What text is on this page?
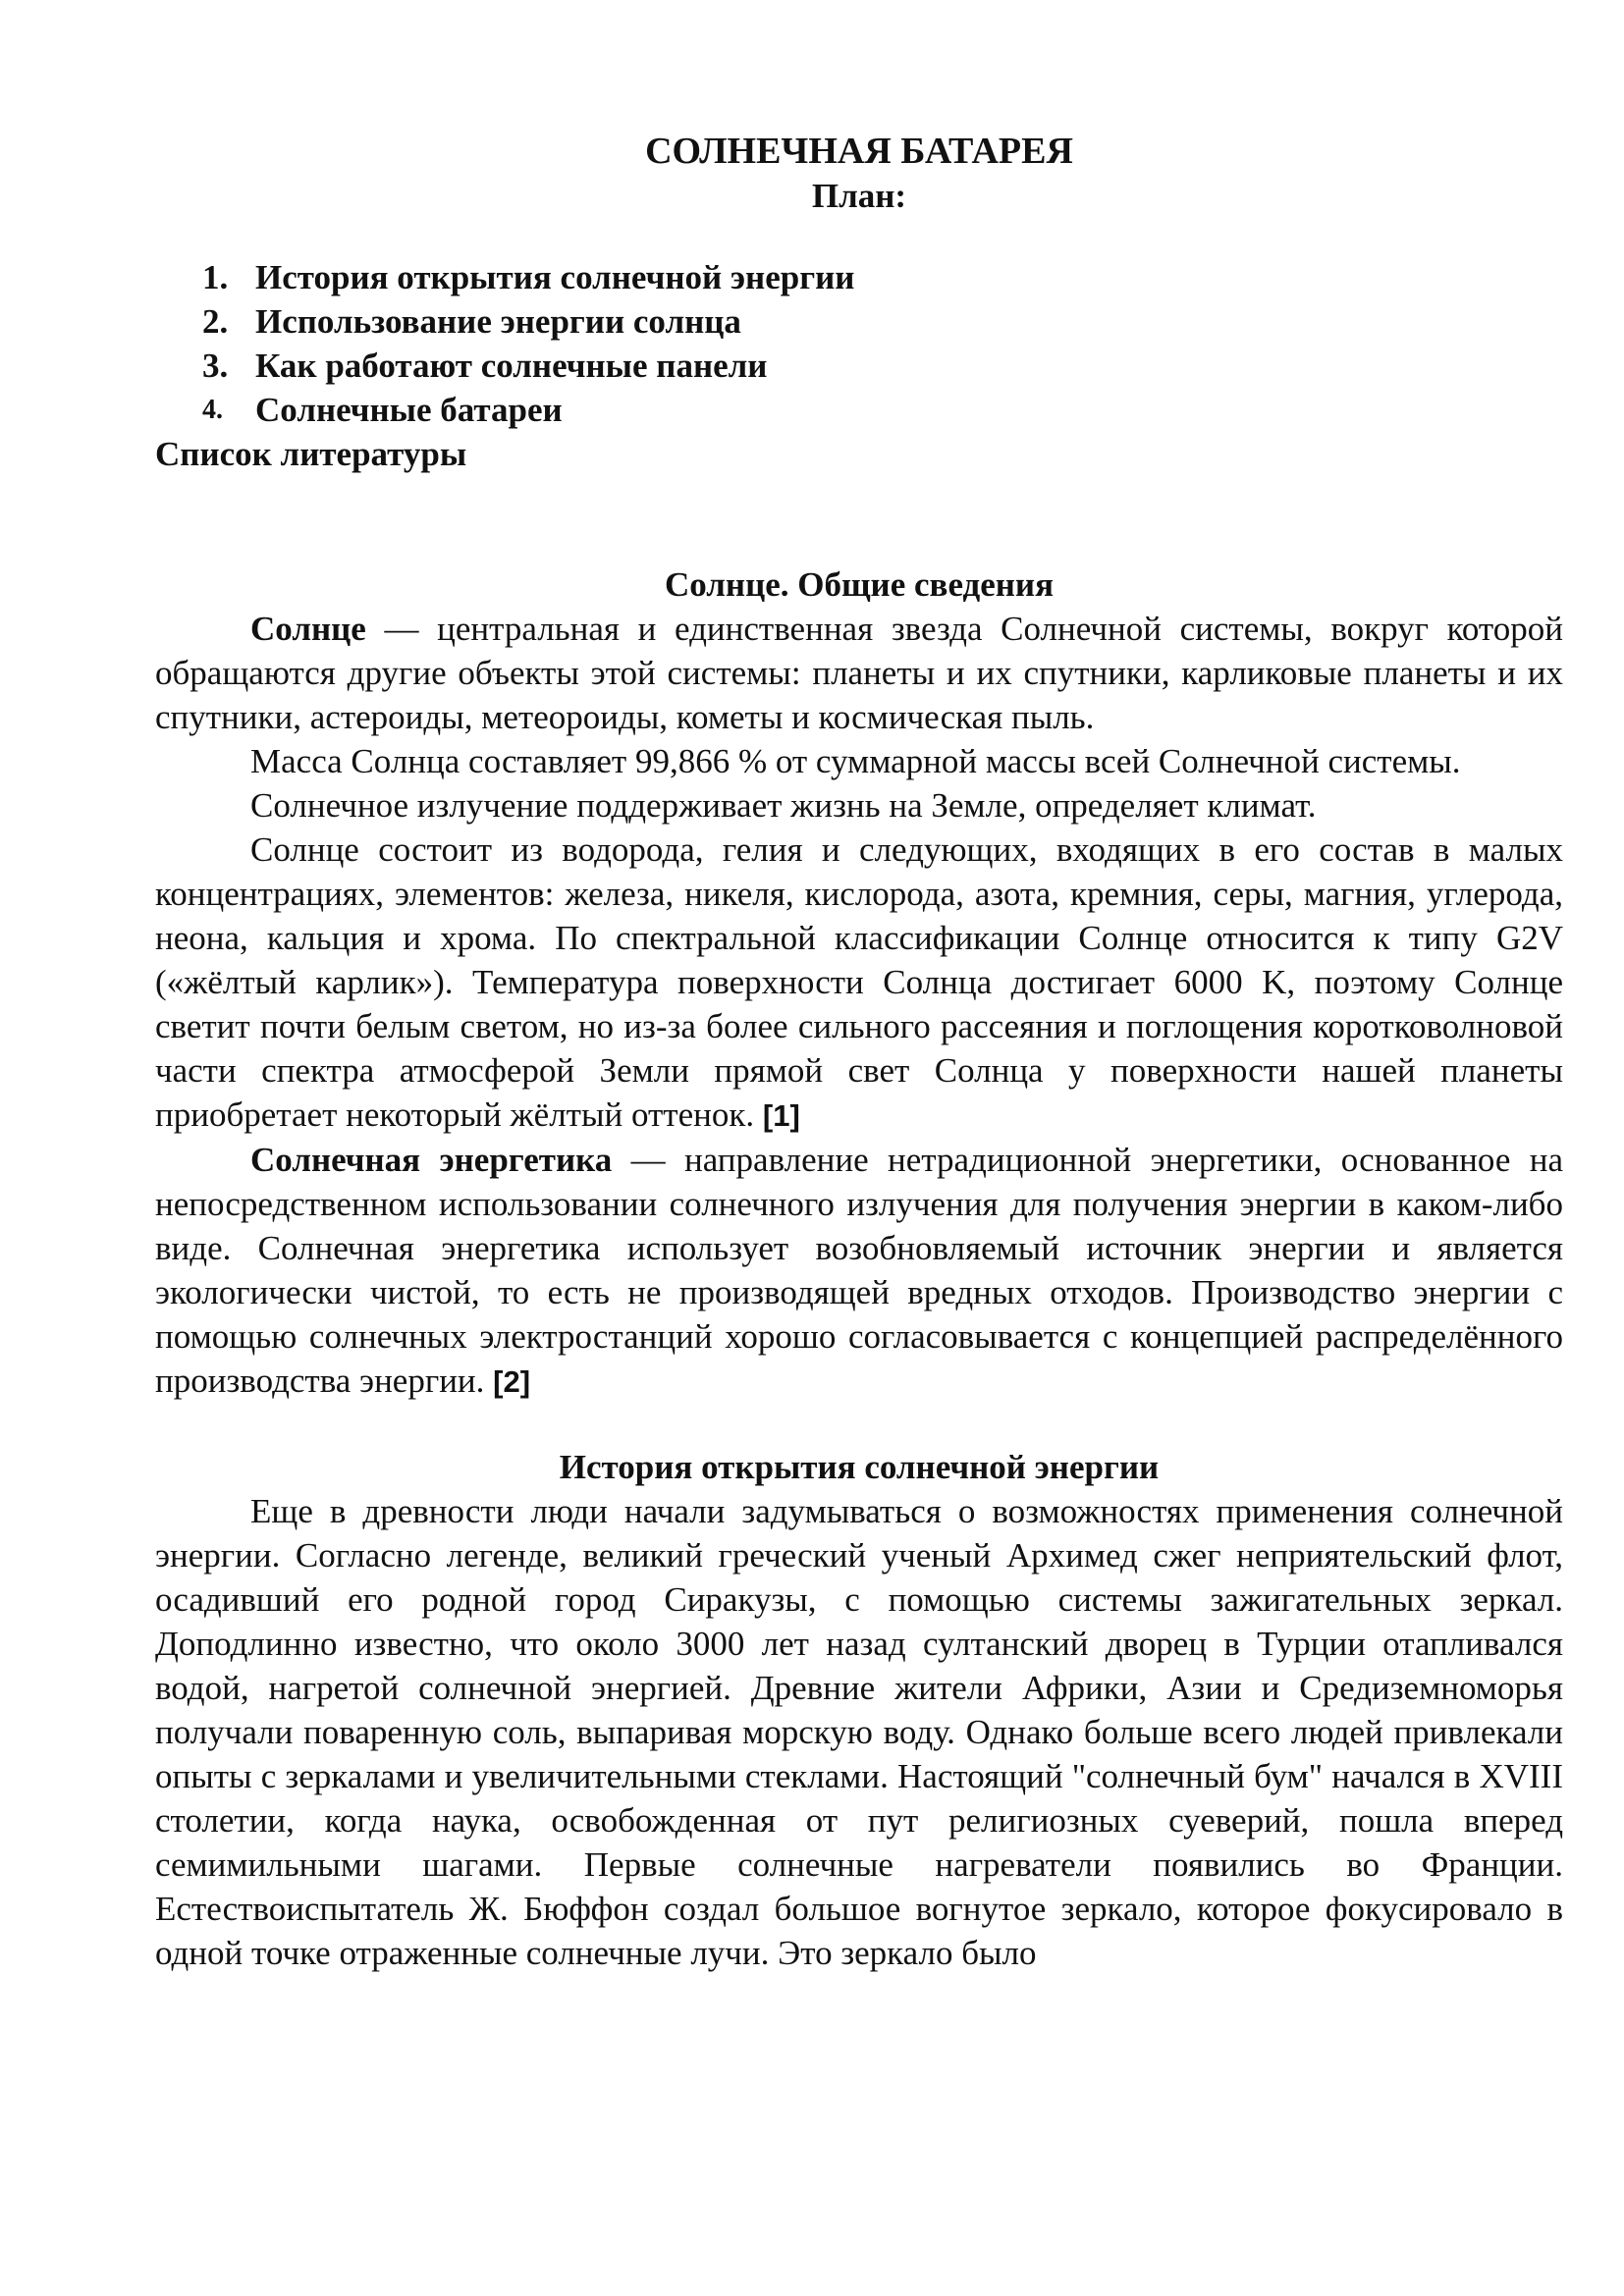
СОЛНЕЧНАЯ БАТАРЕЯ
План:
1. История открытия солнечной энергии
2. Использование энергии солнца
3. Как работают солнечные панели
4. Солнечные батареи
Список литературы
Солнце. Общие сведения

Солнце — центральная и единственная звезда Солнечной системы, вокруг которой обращаются другие объекты этой системы: планеты и их спутники, карликовые планеты и их спутники, астероиды, метеороиды, кометы и космическая пыль.

Масса Солнца составляет 99,866 % от суммарной массы всей Солнечной системы.

Солнечное излучение поддерживает жизнь на Земле, определяет климат.

Солнце состоит из водорода, гелия и следующих, входящих в его состав в малых концентрациях, элементов: железа, никеля, кислорода, азота, кремния, серы, магния, углерода, неона, кальция и хрома. По спектральной классификации Солнце относится к типу G2V («жёлтый карлик»). Температура поверхности Солнца достигает 6000 K, поэтому Солнце светит почти белым светом, но из-за более сильного рассеяния и поглощения коротковолновой части спектра атмосферой Земли прямой свет Солнца у поверхности нашей планеты приобретает некоторый жёлтый оттенок. [1]

Солнечная энергетика — направление нетрадиционной энергетики, основанное на непосредственном использовании солнечного излучения для получения энергии в каком-либо виде. Солнечная энергетика использует возобновляемый источник энергии и является экологически чистой, то есть не производящей вредных отходов. Производство энергии с помощью солнечных электростанций хорошо согласовывается с концепцией распределённого производства энергии. [2]

История открытия солнечной энергии

Еще в древности люди начали задумываться о возможностях применения солнечной энергии. Согласно легенде, великий греческий ученый Архимед сжег неприятельский флот, осадивший его родной город Сиракузы, с помощью системы зажигательных зеркал. Доподлинно известно, что около 3000 лет назад султанский дворец в Турции отапливался водой, нагретой солнечной энергией. Древние жители Африки, Азии и Средиземноморья получали поваренную соль, выпаривая морскую воду. Однако больше всего людей привлекали опыты с зеркалами и увеличительными стеклами. Настоящий "солнечный бум" начался в XVIII столетии, когда наука, освобожденная от пут религиозных суеверий, пошла вперед семимильными шагами. Первые солнечные нагреватели появились во Франции. Естествоиспытатель Ж. Бюффон создал большое вогнутое зеркало, которое фокусировало в одной точке отраженные солнечные лучи. Это зеркало было
